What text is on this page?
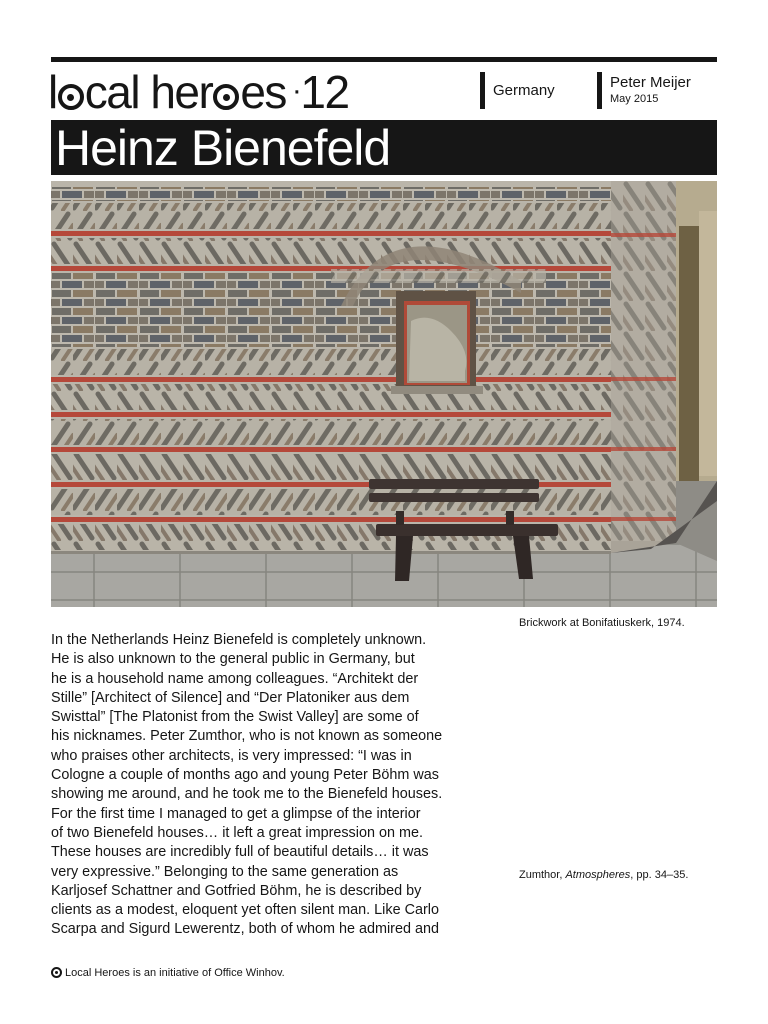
l cal her es ·12	Germany	Peter Meijer
May 2015
Heinz Bienefeld
Brickwork at Bonifatiuskerk, 1974.
In the Netherlands Heinz Bienefeld is completely unknown.
He is also unknown to the general public in Germany, but
he is a household name among colleagues. “Architekt der
Stille” [Architect of Silence] and “Der Platoniker aus dem
Swisttal” [The Platonist from the Swist Valley] are some of
his nicknames. Peter Zumthor, who is not known as someone
who praises other architects, is very impressed: “I was in
Cologne a couple of months ago and young Peter Böhm was
showing me around, and he took me to the Bienefeld houses.
For the first time I managed to get a glimpse of the interior
of two Bienefeld houses… it left a great impression on me.
These houses are incredibly full of beautiful details… it was
very expressive.” Belonging to the same generation as
Karljosef Schattner and Gotfried Böhm, he is described by
clients as a modest, eloquent yet often silent man. Like Carlo
Scarpa and Sigurd Lewerentz, both of whom he admired and
Zumthor, Atmospheres, pp. 34–35.
Local Heroes is an initiative of Office Winhov.
